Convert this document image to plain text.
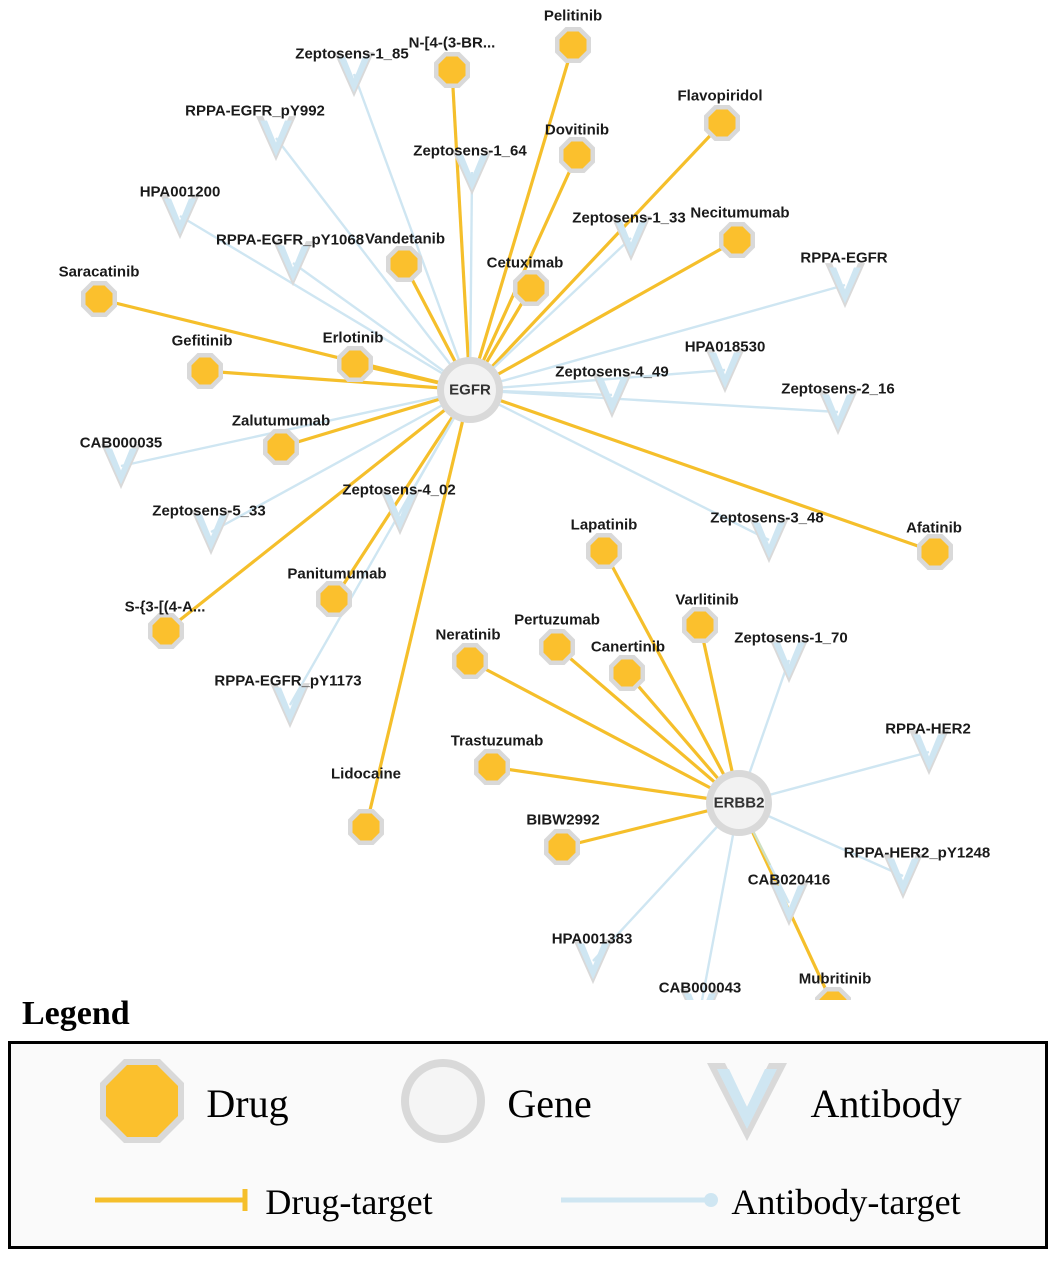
Pelitinib
N-[4-(3-BR...
Flavopiridol
Dovitinib
Necitumumab
Vandetanib
Cetuximab
Saracatinib
Gefitinib	Erlotinib
Zalutumumab
Afatinib
Lapatinib
Varlitinib
Panitumumab
S-{3-[(4-A...
Pertuzumab
Neratinib
Canertinib
Trastuzumab
Lidocaine
BIBW2992
Mubritinib
Zeptosens-1_85
RPPA-EGFR_pY992
Zeptosens-1_64
HPA001200
Zeptosens-1_33
RPPA-EGFR_pY1068
RPPA-EGFR
HPA018530
Zeptosens-4_49
Zeptosens-2_16
CAB000035
Zeptosens-4_02
Zeptosens-5_33	Zeptosens-3_48
Zeptosens-1_70
RPPA-EGFR_pY1173
RPPA-HER2
RPPA-HER2_pY1248
CAB020416
HPA001383
CAB000043
EGFR
ERBB2
Legend
Drug	Gene	Antibody
Drug-target	Antibody-target
